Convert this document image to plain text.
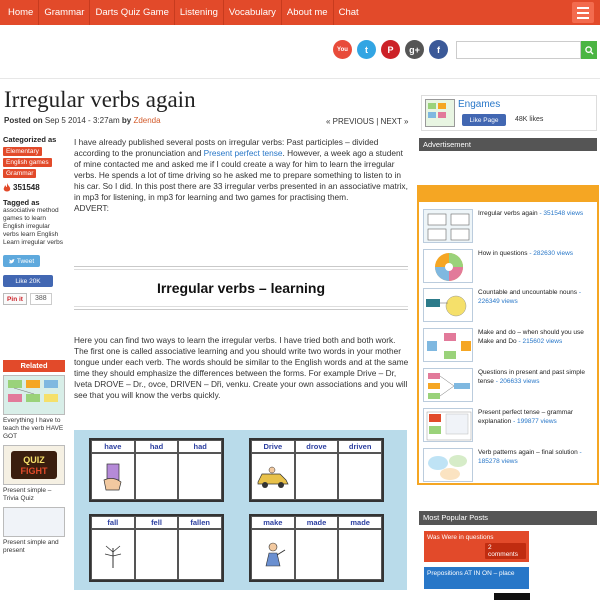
Home	Grammar	Darts Quiz Game	Listening	Vocabulary	About me	Chat
You	t	P	g+	f
Irregular verbs again
Posted on Sep 5 2014 - 3:27am by Zdenda	« PREVIOUS | NEXT »
Categorized as
Elementary
English games
Grammar
351548
Tagged as
associative method games to learn English irregular verbs learn English Learn irregular verbs
Tweet
Like 20K
Pin it	388
Related
Everything I have to teach the verb HAVE GOT
QUIZ
FIGHT
Present simple – Trivia Quiz
Present simple and present
I have already published several posts on irregular verbs: Past participles – divided according to the pronunciation and Present perfect tense. However, a week ago a student of mine contacted me and asked me if I could create a way for him to learn the irregular verbs. He spends a lot of time driving so he asked me to prepare something to listen to in his car. So I did. In this post there are 33 irregular verbs presented in an associative matrix, in mp3 for listening, in mp3 for learning and two games for practising them.
ADVERT:
Irregular verbs – learning
Here you can find two ways to learn the irregular verbs. I have tried both and both work. The first one is called associative learning and you should write two words in your mother tongue under each verb. The words should be similar to the English words and at the same time they should emphasize the differences between the forms. For example Drive – Dr, Iveta DROVE – Dr., ovce, DRIVEN – Dři, venku. Create your own associations and you will see that you will know the verbs quickly.
have	had	had	Drive	drove	driven
fall	fell	fallen	make	made	made
Engames
Like Page 48K likes
Advertisement
Irregular verbs again - 351548 views
How in questions - 282630 views
Countable and uncountable nouns - 226349 views
Make and do – when should you use Make and Do - 215602 views
Questions in present and past simple tense - 206633 views
Present perfect tense – grammar explanation - 199877 views
Verb patterns again – final solution - 185278 views
Most Popular Posts
Was Were in questions
2 comments
Prepositions AT IN ON – place
